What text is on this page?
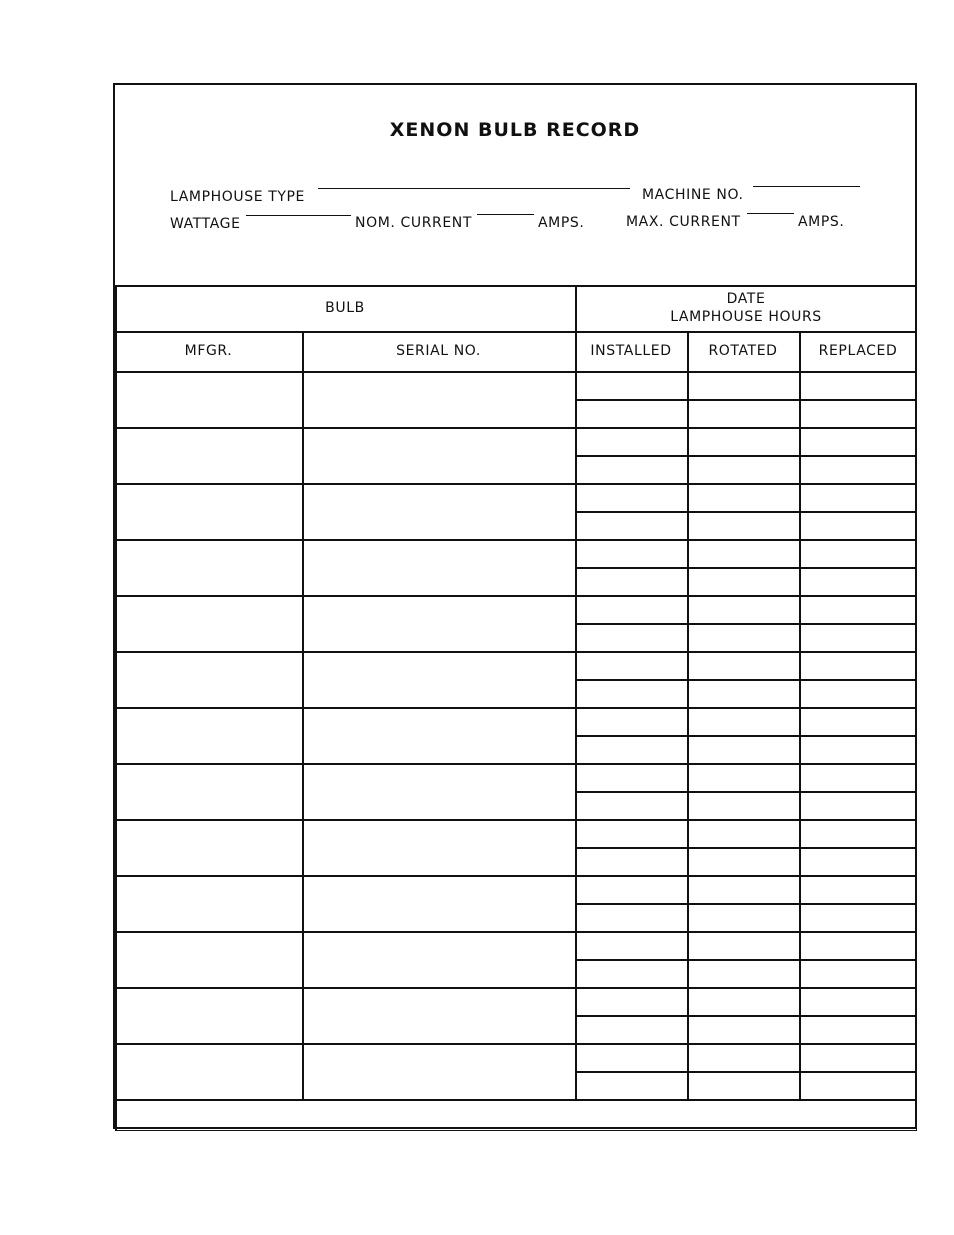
XENON BULB RECORD
LAMPHOUSE TYPE	MACHINE NO.
WATTAGE	NOM. CURRENT	AMPS.	MAX. CURRENT	AMPS.
BULB
DATE
LAMPHOUSE HOURS
MFGR.	SERIAL NO.	INSTALLED	ROTATED	REPLACED
